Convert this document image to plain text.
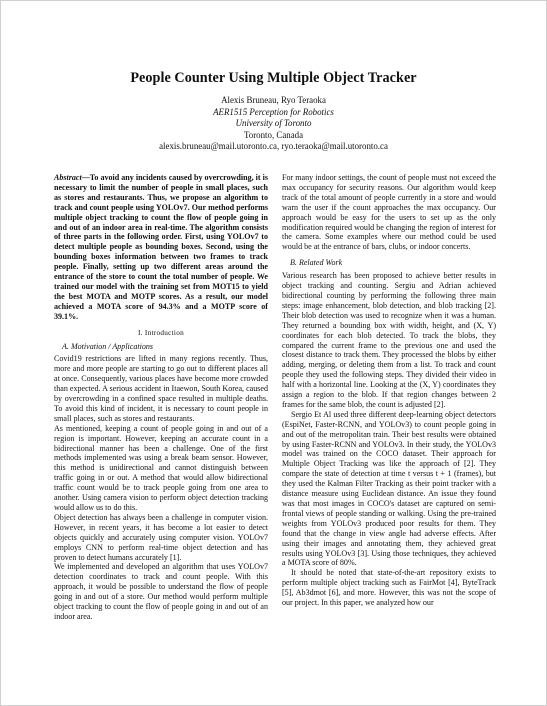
People Counter Using Multiple Object Tracker
Alexis Bruneau, Ryo Teraoka
AER1515 Perception for Robotics
University of Toronto
Toronto, Canada
alexis.bruneau@mail.utoronto.ca, ryo.teraoka@mail.utoronto.ca

Abstract—To avoid any incidents caused by overcrowding, it is necessary to limit the number of people in small places, such as stores and restaurants. Thus, we propose an algorithm to track and count people using YOLOv7. Our method performs multiple object tracking to count the flow of people going in and out of an indoor area in real-time. The algorithm consists of three parts in the following order. First, using YOLOv7 to detect multiple people as bounding boxes. Second, using the bounding boxes information between two frames to track people. Finally, setting up two different areas around the entrance of the store to count the total number of people. We trained our model with the training set from MOT15 to yield the best MOTA and MOTP scores. As a result, our model achieved a MOTA score of 94.3% and a MOTP score of 39.1%.

I. Introduction
A. Motivation / Applications

Covid19 restrictions are lifted in many regions recently. Thus, more and more people are starting to go out to different places all at once. Consequently, various places have become more crowded than expected. A serious accident in Itaewon, South Korea, caused by overcrowding in a confined space resulted in multiple deaths. To avoid this kind of incident, it is necessary to count people in small places, such as stores and restaurants.

As mentioned, keeping a count of people going in and out of a region is important. However, keeping an accurate count in a bidirectional manner has been a challenge. One of the first methods implemented was using a break beam sensor. However, this method is unidirectional and cannot distinguish between traffic going in or out. A method that would allow bidirectional traffic count would be to track people going from one area to another. Using camera vision to perform object detection tracking would allow us to do this.

Object detection has always been a challenge in computer vision. However, in recent years, it has become a lot easier to detect objects quickly and accurately using computer vision. YOLOv7 employs CNN to perform real-time object detection and has proven to detect humans accurately [1].

We implemented and developed an algorithm that uses YOLOv7 detection coordinates to track and count people. With this approach, it would be possible to understand the flow of people going in and out of a store. Our method would perform multiple object tracking to count the flow of people going in and out of an indoor area.

For many indoor settings, the count of people must not exceed the max occupancy for security reasons. Our algorithm would keep track of the total amount of people currently in a store and would warn the user if the count approaches the max occupancy. Our approach would be easy for the users to set up as the only modification required would be changing the region of interest for the camera. Some examples where our method could be used would be at the entrance of bars, clubs, or indoor concerts.

B. Related Work

Various research has been proposed to achieve better results in object tracking and counting. Sergiu and Adrian achieved bidirectional counting by performing the following three main steps: image enhancement, blob detection, and blob tracking [2]. Their blob detection was used to recognize when it was a human. They returned a bounding box with width, height, and (X, Y) coordinates for each blob detected. To track the blobs, they compared the current frame to the previous one and used the closest distance to track them. They processed the blobs by either adding, merging, or deleting them from a list. To track and count people they used the following steps. They divided their video in half with a horizontal line. Looking at the (X, Y) coordinates they assign a region to the blob. If that region changes between 2 frames for the same blob, the count is adjusted [2].

Sergio Et Al used three different deep-learning object detectors (EspiNet, Faster-RCNN, and YOLOv3) to count people going in and out of the metropolitan train. Their best results were obtained by using Faster-RCNN and YOLOv3. In their study, the YOLOv3 model was trained on the COCO dataset. Their approach for Multiple Object Tracking was like the approach of [2]. They compare the state of detection at time t versus t + 1 (frames), but they used the Kalman Filter Tracking as their point tracker with a distance measure using Euclidean distance. An issue they found was that most images in COCO's dataset are captured on semi-frontal views of people standing or walking. Using the pre-trained weights from YOLOv3 produced poor results for them. They found that the change in view angle had adverse effects. After using their images and annotating them, they achieved great results using YOLOv3 [3]. Using those techniques, they achieved a MOTA score of 80%.

It should be noted that state-of-the-art repository exists to perform multiple object tracking such as FairMot [4], ByteTrack [5], Ab3dmot [6], and more. However, this was not the scope of our project. In this paper, we analyzed how our
